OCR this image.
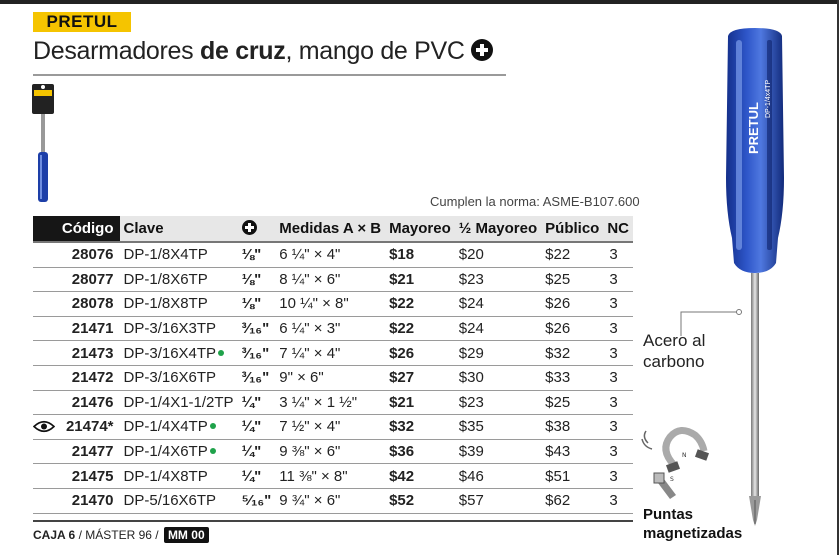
PRETUL
Desarmadores de cruz, mango de PVC
Cumplen la norma: ASME-B107.600
Código	Clave		Medidas A × B	Mayoreo	½ Mayoreo	Público	NC
28076	DP-1/8X4TP	⅛"	6 ¼" × 4"	$18	$20	$22	3
28077	DP-1/8X6TP	⅛"	8 ¼" × 6"	$21	$23	$25	3
28078	DP-1/8X8TP	⅛"	10 ¼" × 8"	$22	$24	$26	3
21471	DP-3/16X3TP	³⁄₁₆"	6 ¼" × 3"	$22	$24	$26	3
21473	DP-3/16X4TP	³⁄₁₆"	7 ¼" × 4"	$26	$29	$32	3
21472	DP-3/16X6TP	³⁄₁₆"	9" × 6"	$27	$30	$33	3
21476	DP-1/4X1-1/2TP	¼"	3 ¼" × 1 ½"	$21	$23	$25	3

21474*	DP-1/4X4TP	¼"	7 ½" × 4"	$32	$35	$38	3
21477	DP-1/4X6TP	¼"	9 ⅜" × 6"	$36	$39	$43	3
21475	DP-1/4X8TP	¼"	11 ⅜" × 8"	$42	$46	$51	3
21470	DP-5/16X6TP	⁵⁄₁₆"	9 ¾" × 6"	$52	$57	$62	3
CAJA 6 / MÁSTER 96 / MM 00
PRETUL
DP-1/4x4TP
N
S
Acero al
carbono
Puntas
magnetizadas
